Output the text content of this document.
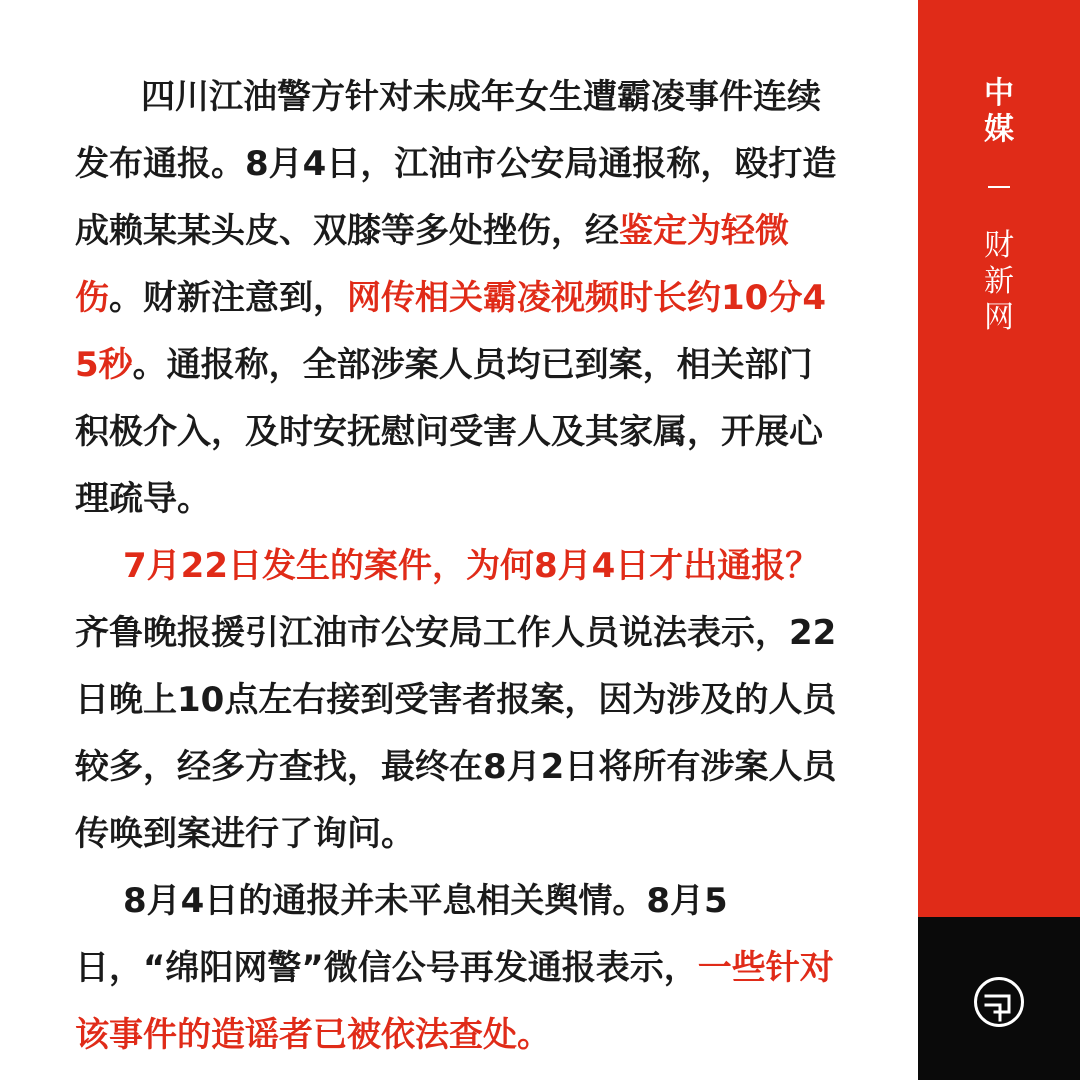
四川江油警方针对未成年女生遭霸凌事件连续发布通报。8月4日，江油市公安局通报称，殴打造成赖某某头皮、双膝等多处挫伤，经鉴定为轻微伤。财新注意到，网传相关霸凌视频时长约10分45秒。通报称，全部涉案人员均已到案，相关部门积极介入，及时安抚慰问受害人及其家属，开展心理疏导。

7月22日发生的案件，为何8月4日才出通报？齐鲁晚报援引江油市公安局工作人员说法表示，22日晚上10点左右接到受害者报案，因为涉及的人员较多，经多方查找，最终在8月2日将所有涉案人员传唤到案进行了询问。

8月4日的通报并未平息相关舆情。8月5日，“绵阳网警”微信公号再发通报表示，一些针对该事件的造谣者已被依法查处。

中
媒
财
新
网
